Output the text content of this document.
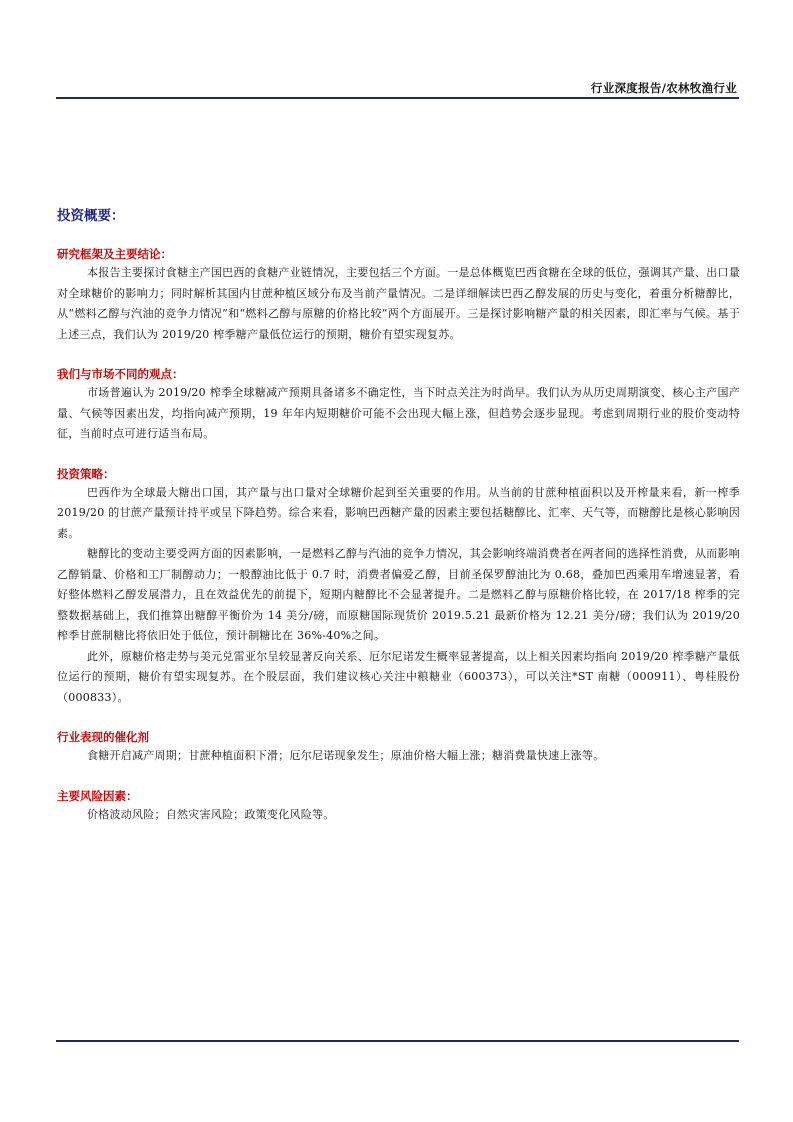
行业深度报告/农林牧渔行业
投资概要：
研究框架及主要结论：

本报告主要探讨食糖主产国巴西的食糖产业链情况，主要包括三个方面。一是总体概览巴西食糖在全球的低位，强调其产量、出口量对全球糖价的影响力；同时解析其国内甘蔗种植区域分布及当前产量情况。二是详细解读巴西乙醇发展的历史与变化，着重分析糖醇比，从“燃料乙醇与汽油的竞争力情况”和“燃料乙醇与原糖的价格比较”两个方面展开。三是探讨影响糖产量的相关因素，即汇率与气候。基于上述三点，我们认为 2019/20 榨季糖产量低位运行的预期，糖价有望实现复苏。

我们与市场不同的观点：

市场普遍认为 2019/20 榨季全球糖减产预期具备诸多不确定性，当下时点关注为时尚早。我们认为从历史周期演变、核心主产国产量、气候等因素出发，均指向减产预期，19 年年内短期糖价可能不会出现大幅上涨，但趋势会逐步显现。考虑到周期行业的股价变动特征，当前时点可进行适当布局。

投资策略：

巴西作为全球最大糖出口国，其产量与出口量对全球糖价起到至关重要的作用。从当前的甘蔗种植面积以及开榨量来看，新一榨季 2019/20 的甘蔗产量预计持平或呈下降趋势。综合来看，影响巴西糖产量的因素主要包括糖醇比、汇率、天气等，而糖醇比是核心影响因素。

糖醇比的变动主要受两方面的因素影响，一是燃料乙醇与汽油的竞争力情况，其会影响终端消费者在两者间的选择性消费，从而影响乙醇销量、价格和工厂制醇动力；一般醇油比低于 0.7 时，消费者偏爱乙醇，目前圣保罗醇油比为 0.68，叠加巴西乘用车增速显著，看好整体燃料乙醇发展潜力，且在效益优先的前提下，短期内糖醇比不会显著提升。二是燃料乙醇与原糖价格比较，在 2017/18 榨季的完整数据基础上，我们推算出糖醇平衡价为 14 美分/磅，而原糖国际现货价 2019.5.21 最新价格为 12.21 美分/磅；我们认为 2019/20 榨季甘蔗制糖比将依旧处于低位，预计制糖比在 36%-40%之间。

此外，原糖价格走势与美元兑雷亚尔呈较显著反向关系、厄尔尼诺发生概率显著提高，以上相关因素均指向 2019/20 榨季糖产量低位运行的预期，糖价有望实现复苏。在个股层面，我们建议核心关注中粮糖业（600373），可以关注*ST 南糖（000911）、粤桂股份（000833）。

行业表现的催化剂

食糖开启减产周期；甘蔗种植面积下滑；厄尔尼诺现象发生；原油价格大幅上涨；糖消费量快速上涨等。

主要风险因素：

价格波动风险；自然灾害风险；政策变化风险等。
